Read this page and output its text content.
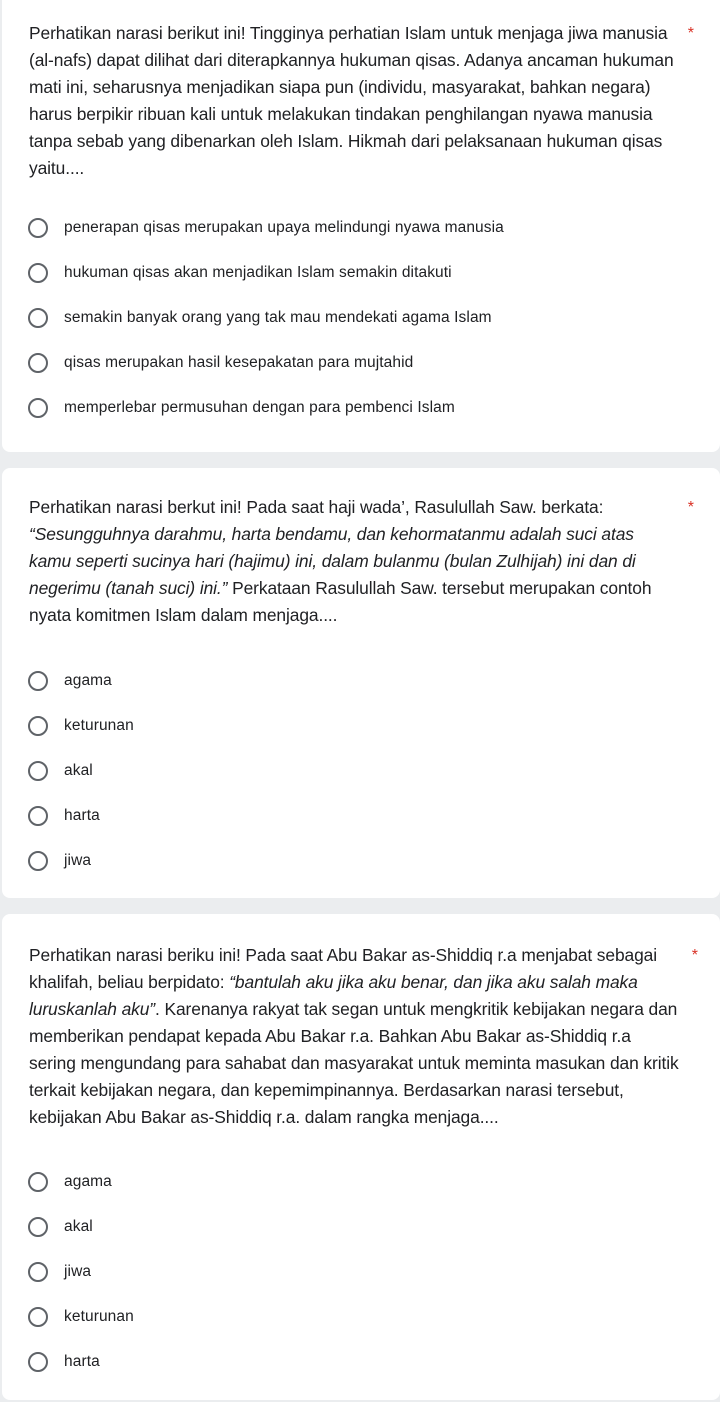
Perhatikan narasi berikut ini! Tingginya perhatian Islam untuk menjaga jiwa manusia (al-nafs) dapat dilihat dari diterapkannya hukuman qisas. Adanya ancaman hukuman mati ini, seharusnya menjadikan siapa pun (individu, masyarakat, bahkan negara) harus berpikir ribuan kali untuk melakukan tindakan penghilangan nyawa manusia tanpa sebab yang dibenarkan oleh Islam. Hikmah dari pelaksanaan hukuman qisas yaitu....
*
penerapan qisas merupakan upaya melindungi nyawa manusia
hukuman qisas akan menjadikan Islam semakin ditakuti
semakin banyak orang yang tak mau mendekati agama Islam
qisas merupakan hasil kesepakatan para mujtahid
memperlebar permusuhan dengan para pembenci Islam
Perhatikan narasi berkut ini! Pada saat haji wada’, Rasulullah Saw. berkata: “Sesungguhnya darahmu, harta bendamu, dan kehormatanmu adalah suci atas kamu seperti sucinya hari (hajimu) ini, dalam bulanmu (bulan Zulhijah) ini dan di negerimu (tanah suci) ini.” Perkataan Rasulullah Saw. tersebut merupakan contoh nyata komitmen Islam dalam menjaga....
*
agama
keturunan
akal
harta
jiwa
Perhatikan narasi beriku ini! Pada saat Abu Bakar as-Shiddiq r.a menjabat sebagai khalifah, beliau berpidato: “bantulah aku jika aku benar, dan jika aku salah maka luruskanlah aku”. Karenanya rakyat tak segan untuk mengkritik kebijakan negara dan memberikan pendapat kepada Abu Bakar r.a. Bahkan Abu Bakar as-Shiddiq r.a sering mengundang para sahabat dan masyarakat untuk meminta masukan dan kritik terkait kebijakan negara, dan kepemimpinannya. Berdasarkan narasi tersebut, kebijakan Abu Bakar as-Shiddiq r.a. dalam rangka menjaga....
*
agama
akal
jiwa
keturunan
harta
